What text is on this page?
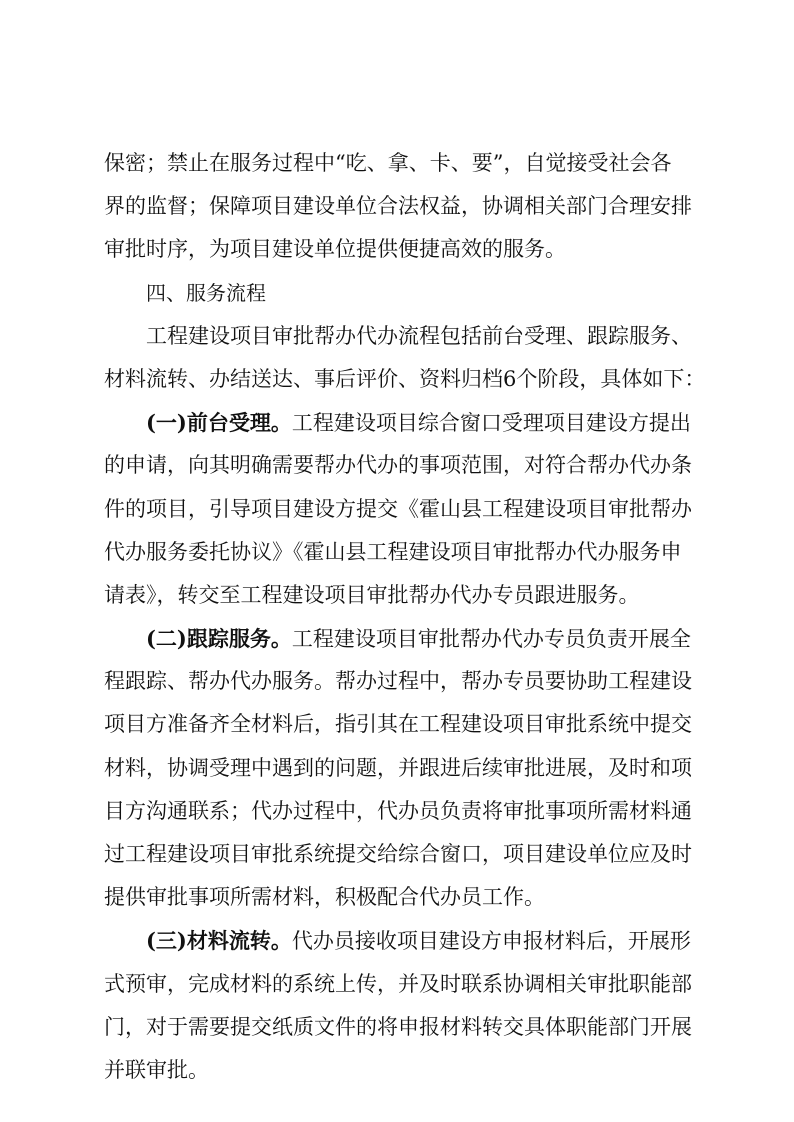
保密；禁止在服务过程中“吃、拿、卡、要”，自觉接受社会各
界的监督；保障项目建设单位合法权益，协调相关部门合理安排
审批时序，为项目建设单位提供便捷高效的服务。
四、服务流程
工程建设项目审批帮办代办流程包括前台受理、跟踪服务、
材料流转、办结送达、事后评价、资料归档6个阶段，具体如下：
(一)前台受理。工程建设项目综合窗口受理项目建设方提出
的申请，向其明确需要帮办代办的事项范围，对符合帮办代办条
件的项目，引导项目建设方提交《霍山县工程建设项目审批帮办
代办服务委托协议》《霍山县工程建设项目审批帮办代办服务申
请表》，转交至工程建设项目审批帮办代办专员跟进服务。
(二)跟踪服务。工程建设项目审批帮办代办专员负责开展全
程跟踪、帮办代办服务。帮办过程中，帮办专员要协助工程建设
项目方准备齐全材料后，指引其在工程建设项目审批系统中提交
材料，协调受理中遇到的问题，并跟进后续审批进展，及时和项
目方沟通联系；代办过程中，代办员负责将审批事项所需材料通
过工程建设项目审批系统提交给综合窗口，项目建设单位应及时
提供审批事项所需材料，积极配合代办员工作。
(三)材料流转。代办员接收项目建设方申报材料后，开展形
式预审，完成材料的系统上传，并及时联系协调相关审批职能部
门，对于需要提交纸质文件的将申报材料转交具体职能部门开展
并联审批。
